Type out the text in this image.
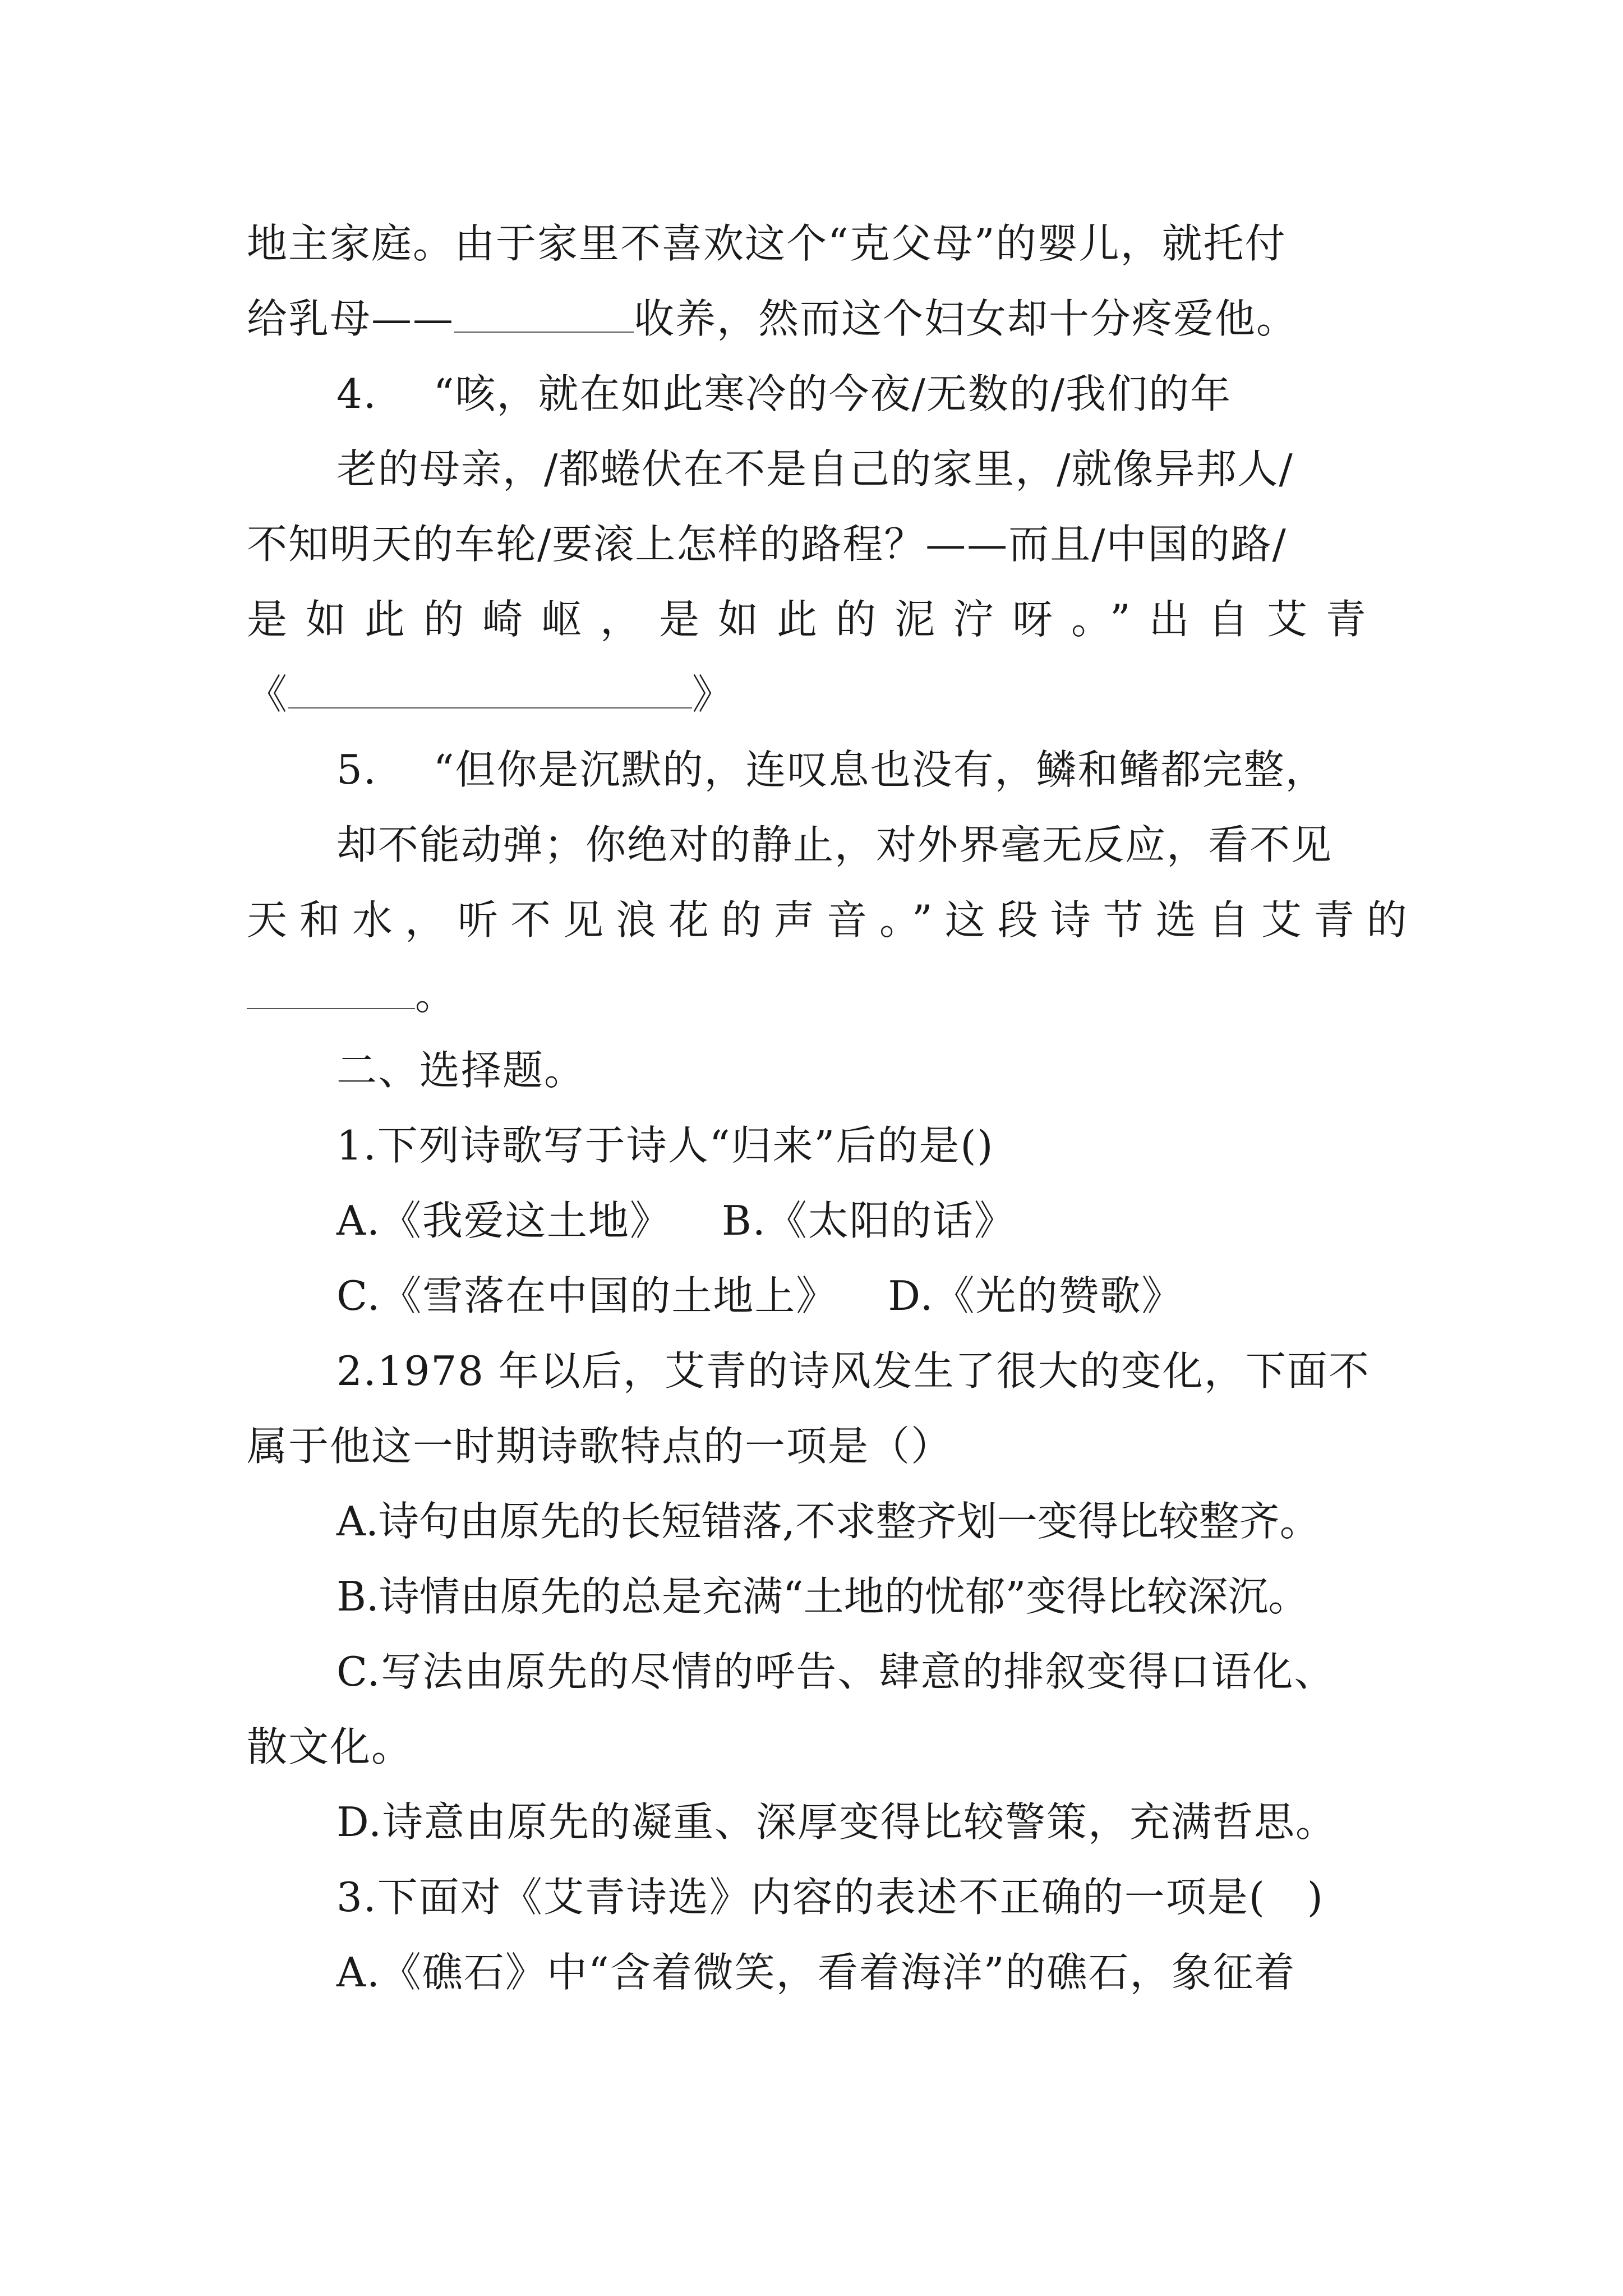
地主家庭。由于家里不喜欢这个“克父母”的婴儿，就托付
给乳母——	收养，然而这个妇女却十分疼爱他。
4. “咳，就在如此寒冷的今夜/无数的/我们的年
老的母亲，/都蜷伏在不是自己的家里，/就像异邦人/
不知明天的车轮/要滚上怎样的路程？——而且/中国的路/
是如此的崎岖，是如此的泥泞呀。”出自艾青
《	》
5. “但你是沉默的，连叹息也没有，鳞和鳍都完整，
却不能动弹；你绝对的静止，对外界毫无反应，看不见
天和水，听不见浪花的声音。”这段诗节选自艾青的
。
二、选择题。
1.下列诗歌写于诗人“归来”后的是()
A.《我爱这土地》 B.《太阳的话》
C.《雪落在中国的土地上》 D.《光的赞歌》
2.1978 年以后，艾青的诗风发生了很大的变化，下面不
属于他这一时期诗歌特点的一项是（）
A.诗句由原先的长短错落,不求整齐划一变得比较整齐。
B.诗情由原先的总是充满“土地的忧郁”变得比较深沉。
C.写法由原先的尽情的呼告、肆意的排叙变得口语化、
散文化。
D.诗意由原先的凝重、深厚变得比较警策，充满哲思。
3.下面对《艾青诗选》内容的表述不正确的一项是(　)
A.《礁石》中“含着微笑，看着海洋”的礁石，象征着
